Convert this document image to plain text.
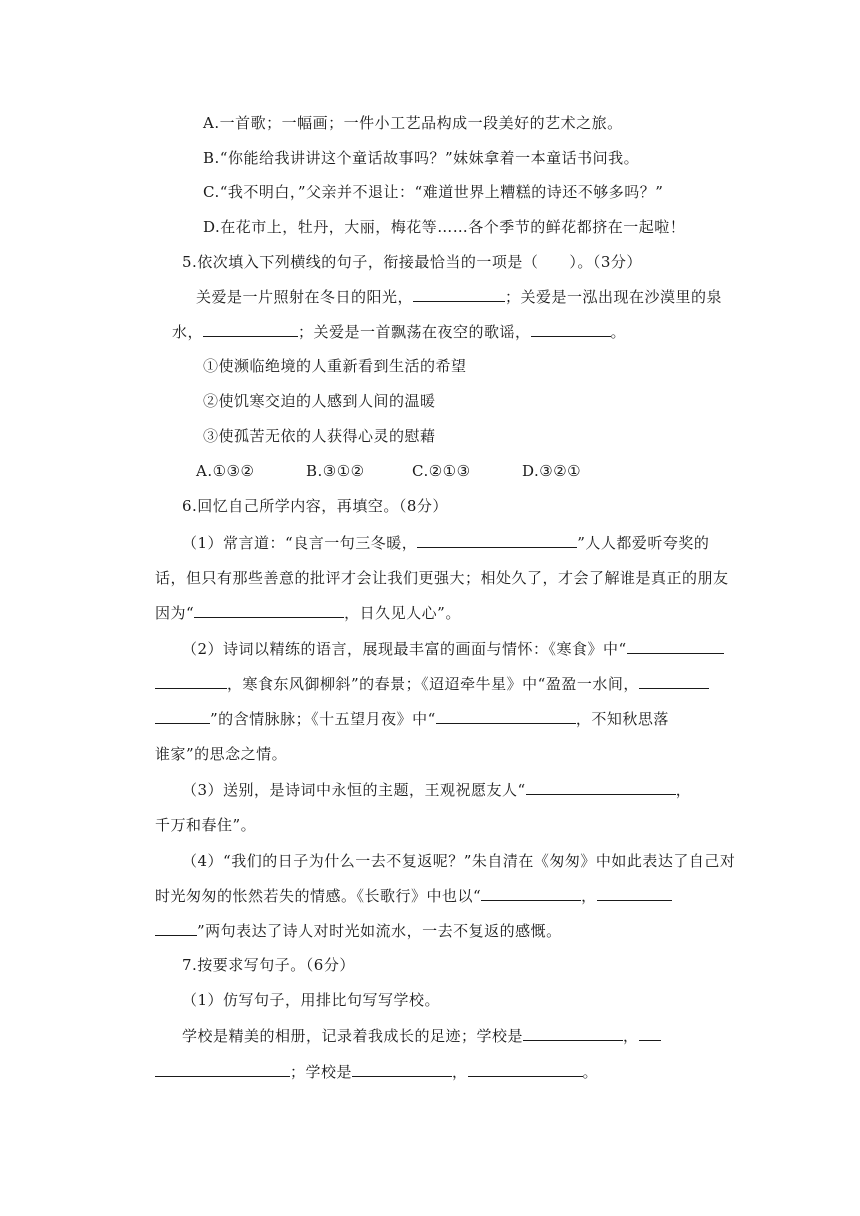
A.一首歌；一幅画；一件小工艺品构成一段美好的艺术之旅。
B.“你能给我讲讲这个童话故事吗？”妹妹拿着一本童话书问我。
C.“我不明白，”父亲并不退让：“难道世界上糟糕的诗还不够多吗？”
D.在花市上，牡丹，大丽，梅花等……各个季节的鲜花都挤在一起啦！
5.依次填入下列横线的句子，衔接最恰当的一项是（　　）。（3分）
关爱是一片照射在冬日的阳光，	；关爱是一泓出现在沙漠里的泉
水，	；关爱是一首飘荡在夜空的歌谣，	。
①使濒临绝境的人重新看到生活的希望
②使饥寒交迫的人感到人间的温暖
③使孤苦无依的人获得心灵的慰藉
A.①③②	B.③①②	C.②①③	D.③②①
6.回忆自己所学内容，再填空。（8分）
（1）常言道：“良言一句三冬暖，	”人人都爱听夸奖的
话，但只有那些善意的批评才会让我们更强大；相处久了，才会了解谁是真正的朋友
因为“	，日久见人心”。
（2）诗词以精练的语言，展现最丰富的画面与情怀：《寒食》中“
，寒食东风御柳斜”的春景；《迢迢牵牛星》中“盈盈一水间，
”的含情脉脉；《十五望月夜》中“	，不知秋思落
谁家”的思念之情。
（3）送别，是诗词中永恒的主题，王观祝愿友人“	，
千万和春住”。
（4）“我们的日子为什么一去不复返呢？”朱自清在《匆匆》中如此表达了自己对
时光匆匆的怅然若失的情感。《长歌行》中也以“	，
”两句表达了诗人对时光如流水，一去不复返的感慨。
7.按要求写句子。（6分）
（1）仿写句子，用排比句写写学校。
学校是精美的相册，记录着我成长的足迹；学校是	，
；学校是	，	。
